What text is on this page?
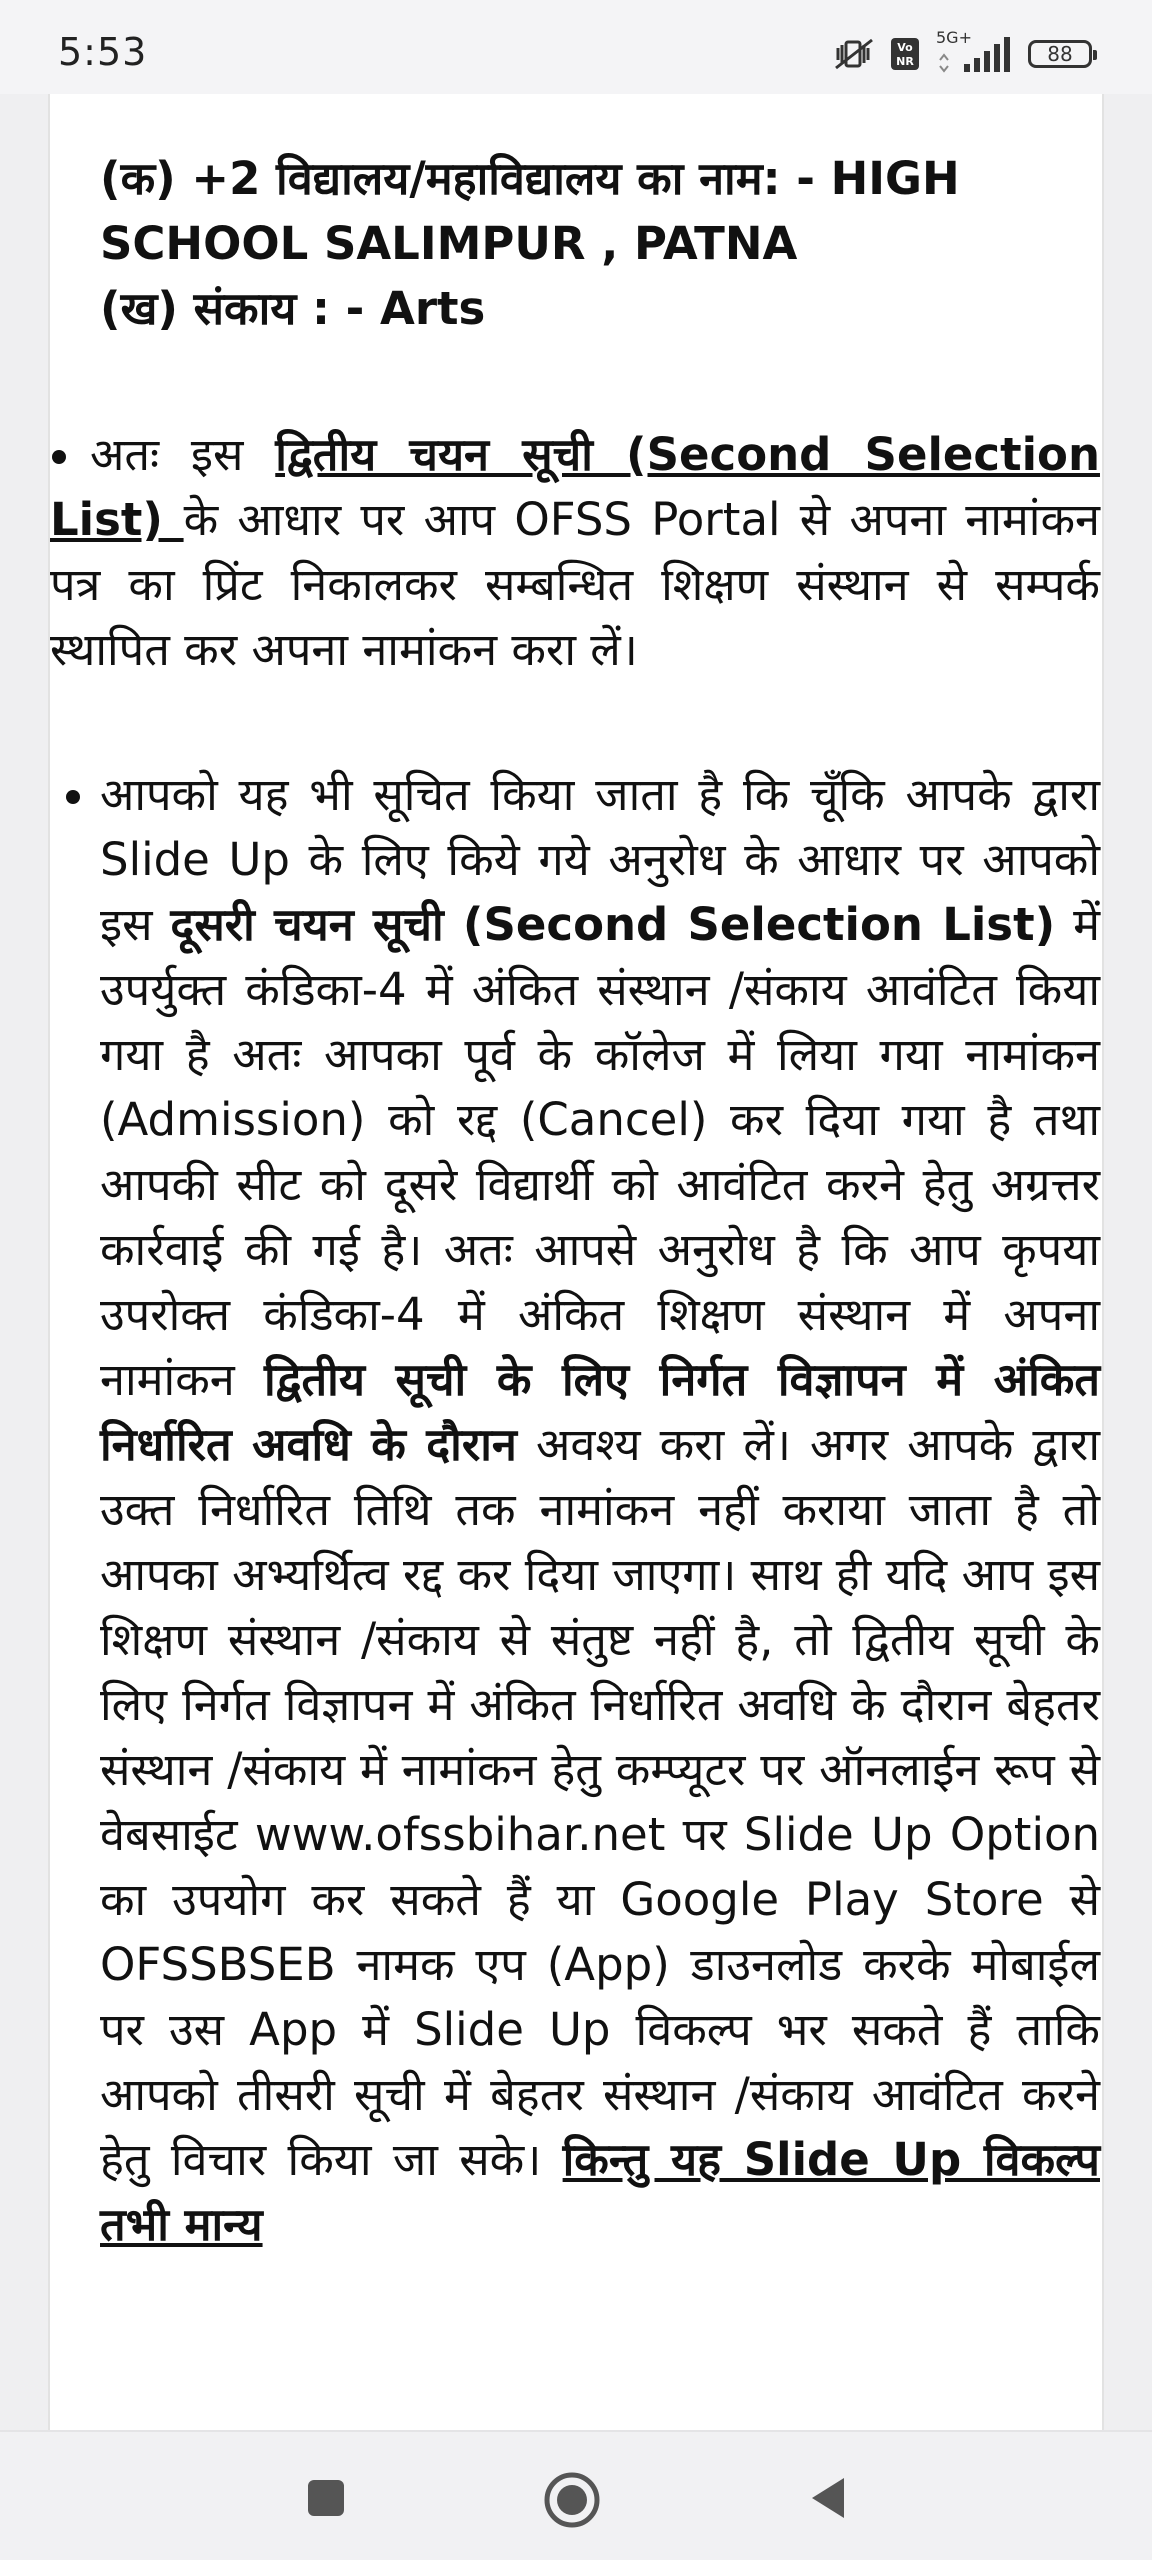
5:53	Vo
NR
5G+
88
(क) +2 विद्यालय/महाविद्यालय का नाम: - HIGH SCHOOL SALIMPUR , PATNA
(ख) संकाय : - Arts
अतः इस द्वितीय चयन सूची (Second Selection List) के आधार पर आप OFSS Portal से अपना नामांकन पत्र का प्रिंट निकालकर सम्बन्धित शिक्षण संस्थान से सम्पर्क स्थापित कर अपना नामांकन करा लें।
आपको यह भी सूचित किया जाता है कि चूँकि आपके द्वारा Slide Up के लिए किये गये अनुरोध के आधार पर आपको इस दूसरी चयन सूची (Second Selection List) में उपर्युक्त कंडिका-4 में अंकित संस्थान /संकाय आवंटित किया गया है अतः आपका पूर्व के कॉलेज में लिया गया नामांकन (Admission) को रद्द (Cancel) कर दिया गया है तथा आपकी सीट को दूसरे विद्यार्थी को आवंटित करने हेतु अग्रत्तर कार्रवाई की गई है। अतः आपसे अनुरोध है कि आप कृपया उपरोक्त कंडिका-4 में अंकित शिक्षण संस्थान में अपना नामांकन द्वितीय सूची के लिए निर्गत विज्ञापन में अंकित निर्धारित अवधि के दौरान अवश्य करा लें। अगर आपके द्वारा उक्त निर्धारित तिथि तक नामांकन नहीं कराया जाता है तो आपका अभ्यर्थित्व रद्द कर दिया जाएगा। साथ ही यदि आप इस शिक्षण संस्थान /संकाय से संतुष्ट नहीं है, तो द्वितीय सूची के लिए निर्गत विज्ञापन में अंकित निर्धारित अवधि के दौरान बेहतर संस्थान /संकाय में नामांकन हेतु कम्प्यूटर पर ऑनलाईन रूप से वेबसाईट www.ofssbihar.net पर Slide Up Option का उपयोग कर सकते हैं या Google Play Store से OFSSBSEB नामक एप (App) डाउनलोड करके मोबाईल पर उस App में Slide Up विकल्प भर सकते हैं ताकि आपको तीसरी सूची में बेहतर संस्थान /संकाय आवंटित करने हेतु विचार किया जा सके। किन्तु यह Slide Up विकल्प तभी मान्य
